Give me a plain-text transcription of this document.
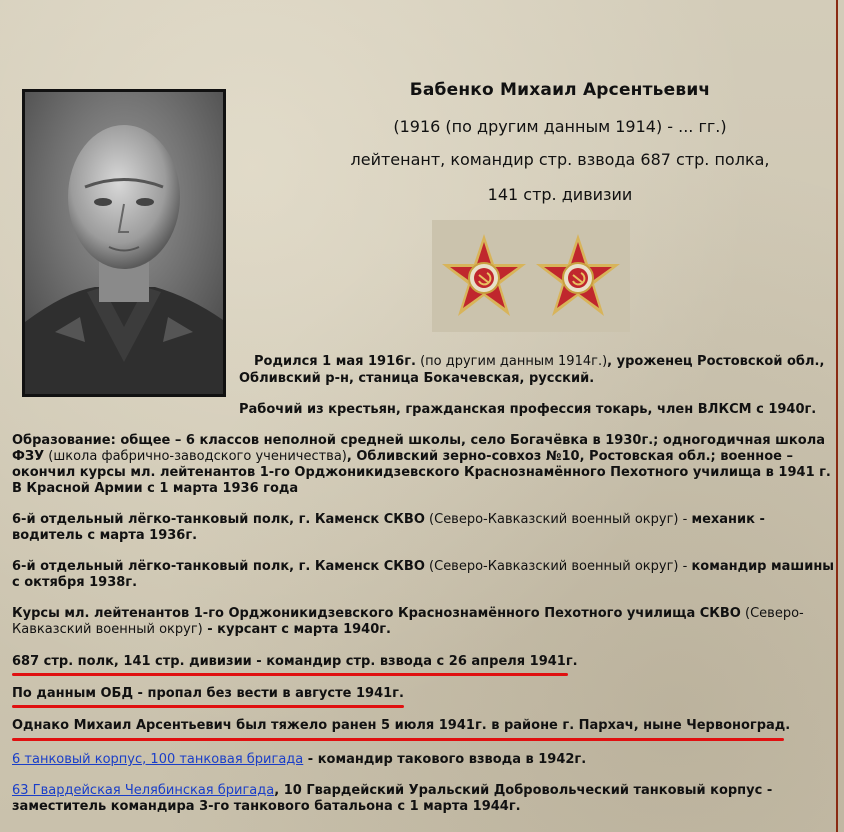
Бабенко Михаил Арсентьевич
(1916 (по другим данным 1914) - ... гг.)
лейтенант, командир стр. взвода 687 стр. полка,
141 стр. дивизии
Родился 1 мая 1916г. (по другим данным 1914г.), уроженец Ростовской обл.,
Обливский р-н, станица Бокачевская, русский.
Рабочий из крестьян, гражданская профессия токарь, член ВЛКСМ с 1940г.
Образование: общее – 6 классов неполной средней школы, село Богачёвка в 1930г.; одногодичная школа
ФЗУ (школа фабрично-заводского ученичества), Обливский зерно-совхоз №10, Ростовская обл.; военное –
окончил курсы мл. лейтенантов 1-го Орджоникидзевского Краснознамённого Пехотного училища в 1941 г.
В Красной Армии с 1 марта 1936 года
6-й отдельный лёгко-танковый полк, г. Каменск СКВО (Северо-Кавказский военный округ) - механик -
водитель с марта 1936г.
6-й отдельный лёгко-танковый полк, г. Каменск СКВО (Северо-Кавказский военный округ) - командир машины
с октября 1938г.
Курсы мл. лейтенантов 1-го Орджоникидзевского Краснознамённого Пехотного училища СКВО (Северо-
Кавказский военный округ) - курсант с марта 1940г.
687 стр. полк, 141 стр. дивизии - командир стр. взвода с 26 апреля 1941г.
По данным ОБД - пропал без вести в августе 1941г.
Однако Михаил Арсентьевич был тяжело ранен 5 июля 1941г. в районе г. Пархач, ныне Червоноград.
6 танковый корпус, 100 танковая бригада - командир такового взвода в 1942г.
63 Гвардейская Челябинская бригада, 10 Гвардейский Уральский Добровольческий танковый корпус -
заместитель командира 3-го танкового батальона с 1 марта 1944г.
